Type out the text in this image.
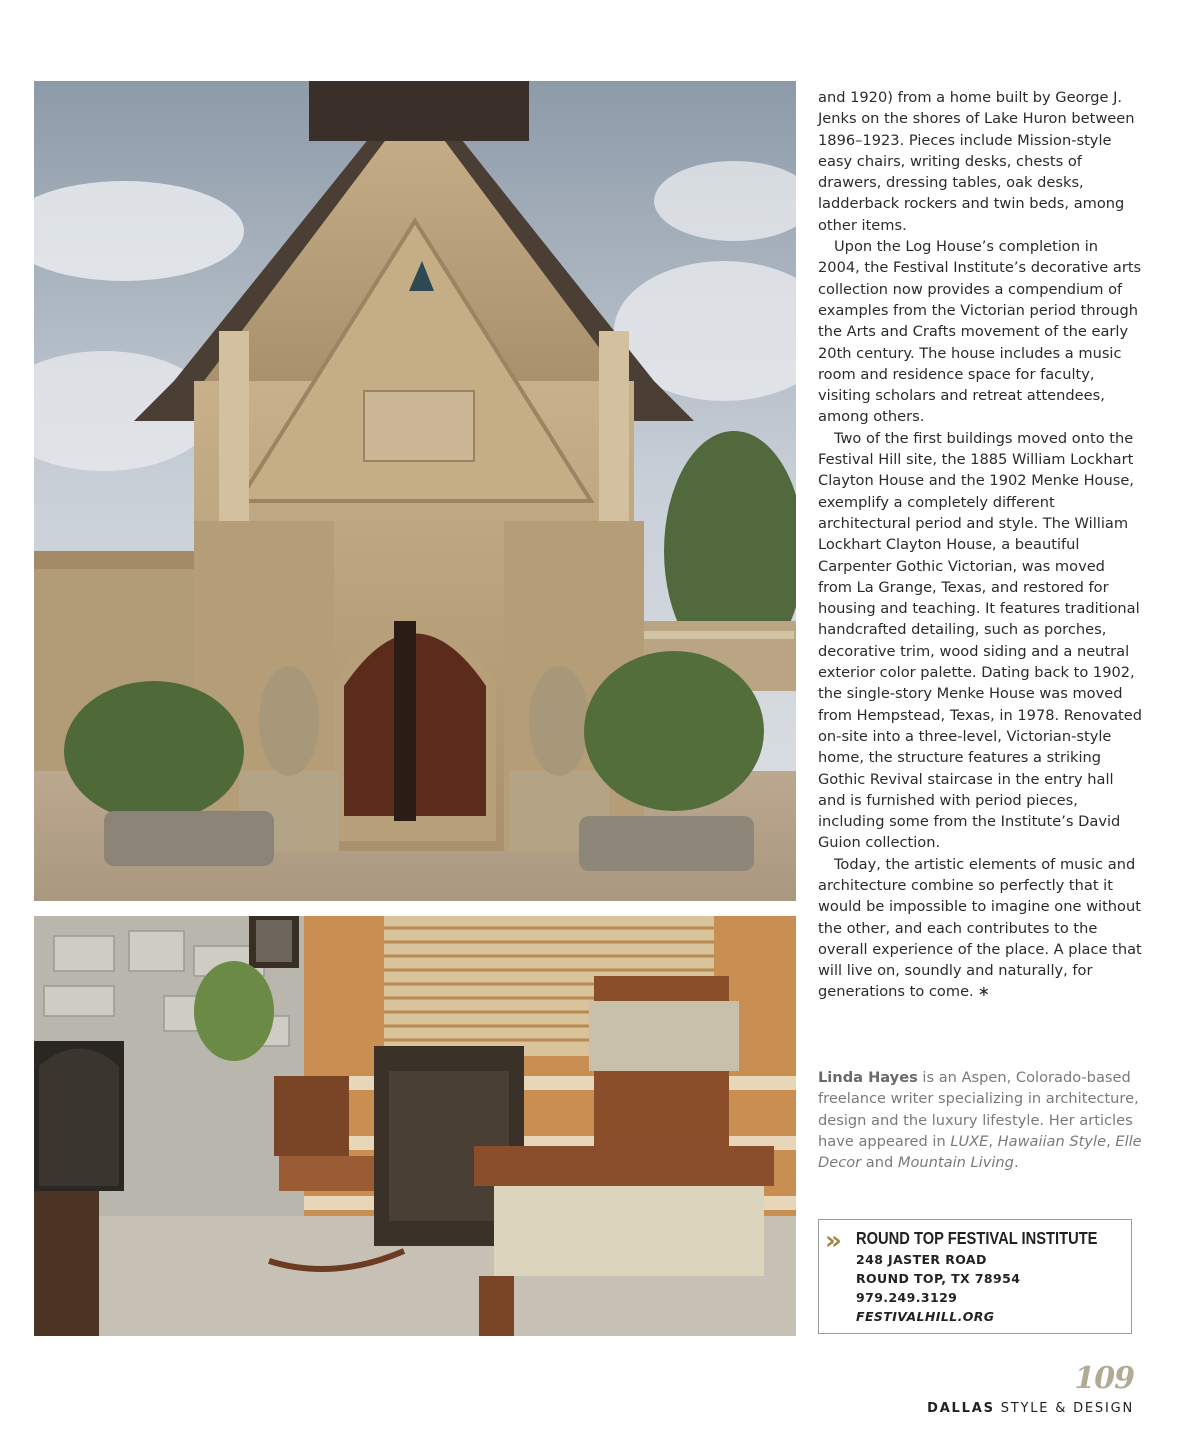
and 1920) from a home built by George J. Jenks on the shores of Lake Huron between 1896–1923. Pieces include Mission-style easy chairs, writing desks, chests of drawers, dressing tables, oak desks, ladderback rockers and twin beds, among other items.

Upon the Log House’s completion in 2004, the Festival Institute’s decorative arts collection now provides a compendium of examples from the Victorian period through the Arts and Crafts movement of the early 20th century. The house includes a music room and residence space for faculty, visiting scholars and retreat attendees, among others.

Two of the first buildings moved onto the Festival Hill site, the 1885 William Lockhart Clayton House and the 1902 Menke House, exemplify a completely different architectural period and style. The William Lockhart Clayton House, a beautiful Carpenter Gothic Victorian, was moved from La Grange, Texas, and restored for housing and teaching. It features traditional handcrafted detailing, such as porches, decorative trim, wood siding and a neutral exterior color palette. Dating back to 1902, the single-story Menke House was moved from Hempstead, Texas, in 1978. Renovated on-site into a three-level, Victorian-style home, the structure features a striking Gothic Revival staircase in the entry hall and is furnished with period pieces, including some from the Institute’s David Guion collection.

Today, the artistic elements of music and architecture combine so perfectly that it would be impossible to imagine one without the other, and each contributes to the overall experience of the place. A place that will live on, soundly and naturally, for generations to come. ∗

Linda Hayes is an Aspen, Colorado-based freelance writer specializing in architecture, design and the luxury lifestyle. Her articles have appeared in LUXE, Hawaiian Style, Elle Decor and Mountain Living.
» ROUND TOP FESTIVAL INSTITUTE
248 JASTER ROAD
ROUND TOP, TX 78954
979.249.3129
FESTIVALHILL.ORG
109
DALLAS STYLE & DESIGN
